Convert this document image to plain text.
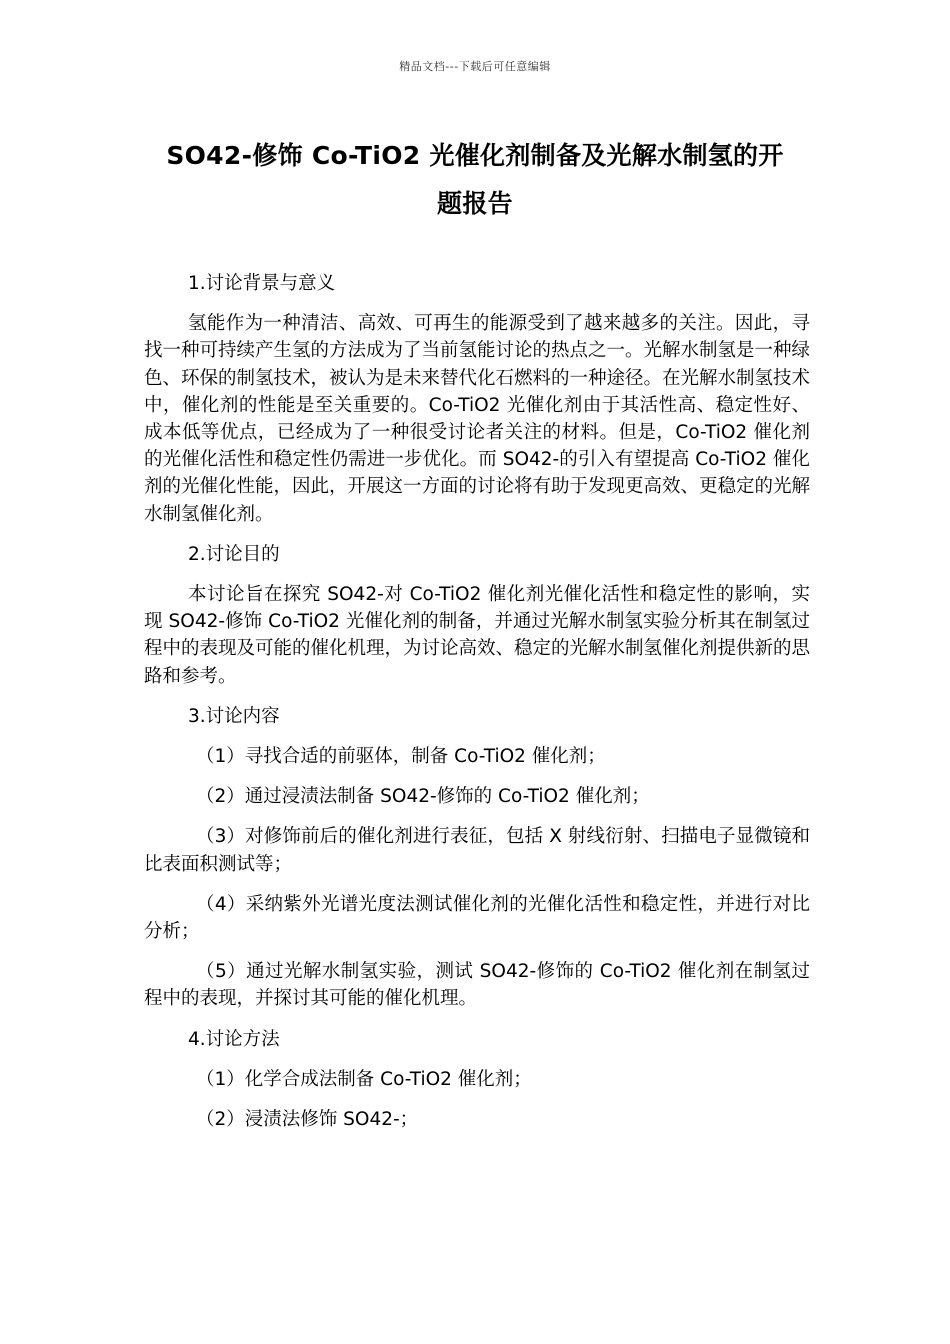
精品文档---下载后可任意编辑
SO42-修饰 Co-TiO2 光催化剂制备及光解水制氢的开
题报告

1.讨论背景与意义

氢能作为一种清洁、高效、可再生的能源受到了越来越多的关注。因此，寻找一种可持续产生氢的方法成为了当前氢能讨论的热点之一。光解水制氢是一种绿色、环保的制氢技术，被认为是未来替代化石燃料的一种途径。在光解水制氢技术中，催化剂的性能是至关重要的。Co-TiO2 光催化剂由于其活性高、稳定性好、成本低等优点，已经成为了一种很受讨论者关注的材料。但是，Co-TiO2 催化剂的光催化活性和稳定性仍需进一步优化。而 SO42-的引入有望提高 Co-TiO2 催化剂的光催化性能，因此，开展这一方面的讨论将有助于发现更高效、更稳定的光解水制氢催化剂。

2.讨论目的

本讨论旨在探究 SO42-对 Co-TiO2 催化剂光催化活性和稳定性的影响，实现 SO42-修饰 Co-TiO2 光催化剂的制备，并通过光解水制氢实验分析其在制氢过程中的表现及可能的催化机理，为讨论高效、稳定的光解水制氢催化剂提供新的思路和参考。

3.讨论内容

（1）寻找合适的前驱体，制备 Co-TiO2 催化剂；

（2）通过浸渍法制备 SO42-修饰的 Co-TiO2 催化剂；

（3）对修饰前后的催化剂进行表征，包括 X 射线衍射、扫描电子显微镜和比表面积测试等；

（4）采纳紫外光谱光度法测试催化剂的光催化活性和稳定性，并进行对比分析；

（5）通过光解水制氢实验，测试 SO42-修饰的 Co-TiO2 催化剂在制氢过程中的表现，并探讨其可能的催化机理。

4.讨论方法

（1）化学合成法制备 Co-TiO2 催化剂；

（2）浸渍法修饰 SO42-；
